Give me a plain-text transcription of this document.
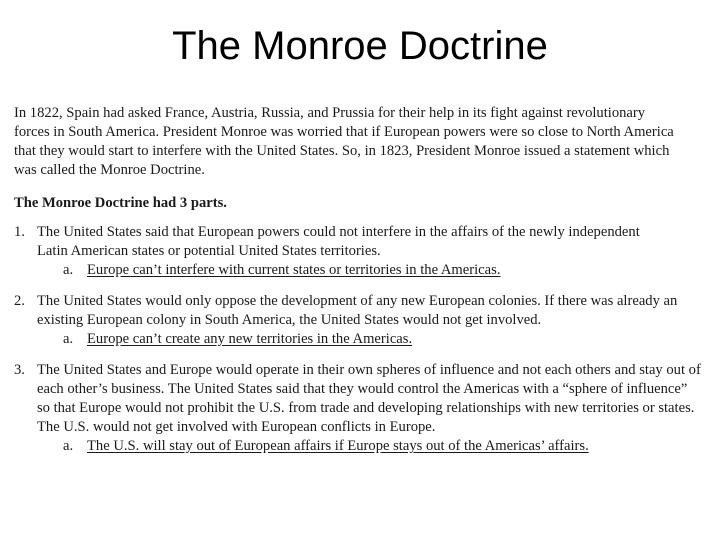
The Monroe Doctrine

In 1822, Spain had asked France, Austria, Russia, and Prussia for their help in its fight against revolutionary forces in South America. President Monroe was worried that if European powers were so close to North America that they would start to interfere with the United States. So, in 1823, President Monroe issued a statement which was called the Monroe Doctrine.

The Monroe Doctrine had 3 parts.

1. The United States said that European powers could not interfere in the affairs of the newly independent Latin American states or potential United States territories.
a. Europe can’t interfere with current states or territories in the Americas.
2. The United States would only oppose the development of any new European colonies. If there was already an existing European colony in South America, the United States would not get involved.
a. Europe can’t create any new territories in the Americas.
3. The United States and Europe would operate in their own spheres of influence and not each others and stay out of each other’s business. The United States said that they would control the Americas with a “sphere of influence” so that Europe would not prohibit the U.S. from trade and developing relationships with new territories or states. The U.S. would not get involved with European conflicts in Europe.
a. The U.S. will stay out of European affairs if Europe stays out of the Americas’ affairs.
